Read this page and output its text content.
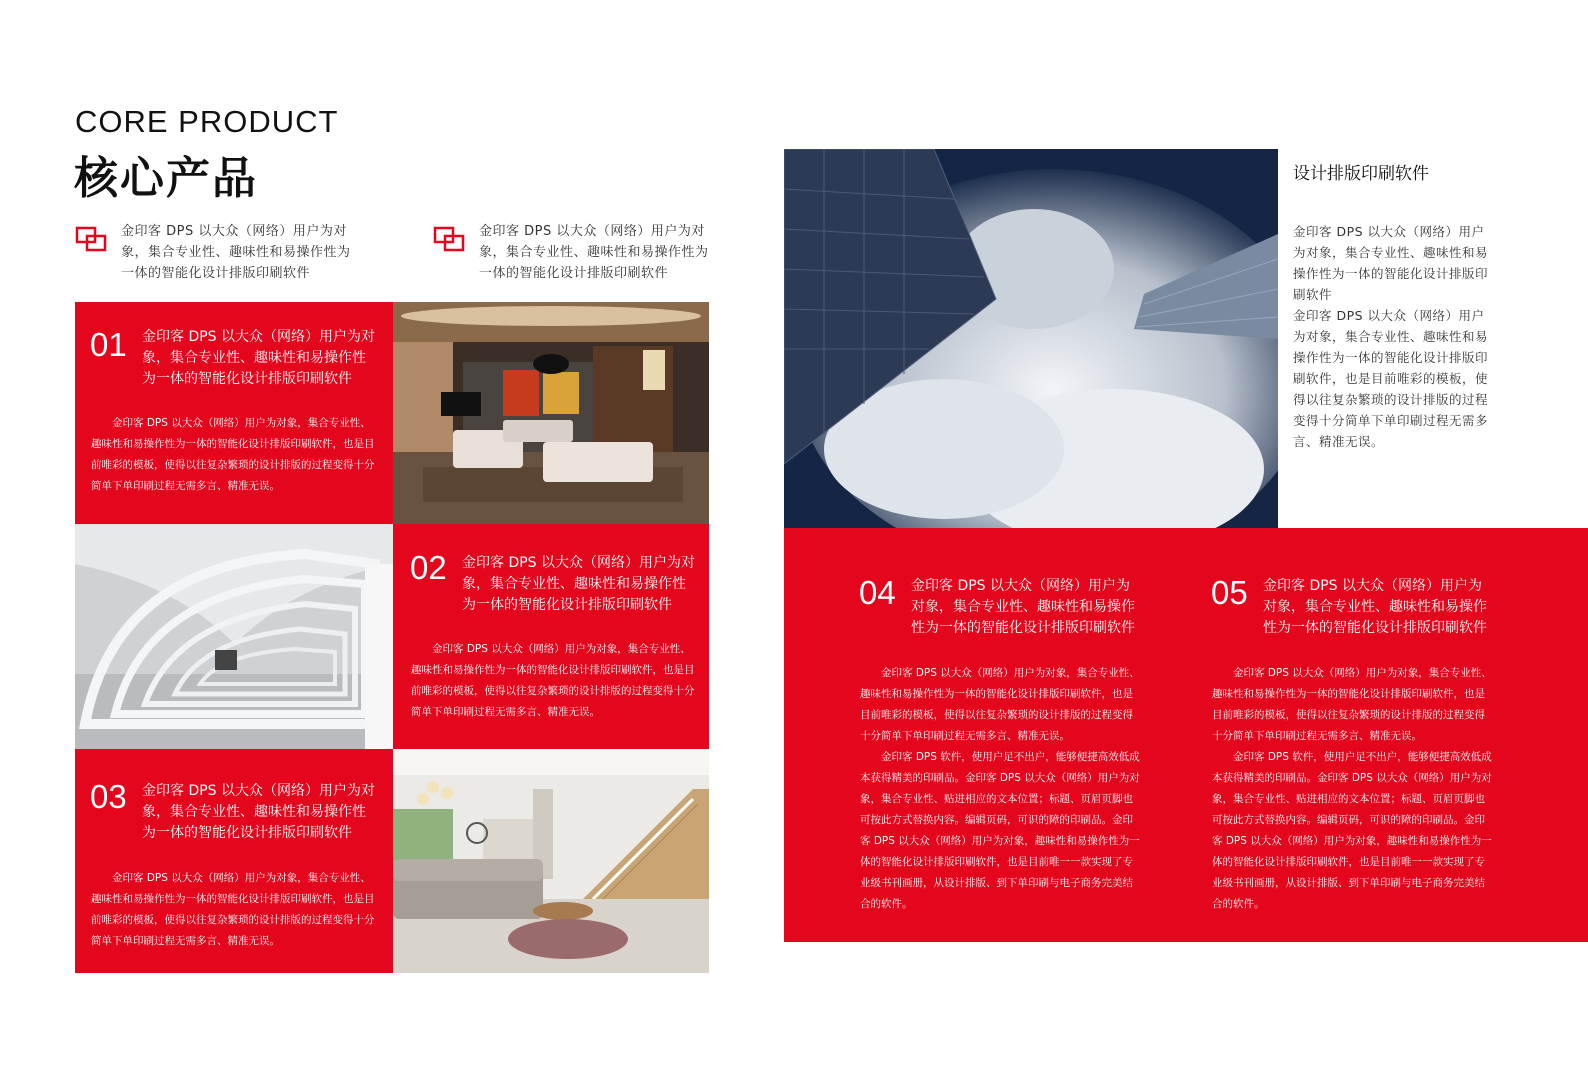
CORE PRODUCT
核心产品
金印客 DPS 以大众（网络）用户为对象，集合专业性、趣味性和易操作性为一体的智能化设计排版印刷软件
金印客 DPS 以大众（网络）用户为对象，集合专业性、趣味性和易操作性为一体的智能化设计排版印刷软件
01 金印客 DPS 以大众（网络）用户为对象，集合专业性、趣味性和易操作性为一体的智能化设计排版印刷软件
金印客 DPS 以大众（网络）用户为对象，集合专业性、趣味性和易操作性为一体的智能化设计排版印刷软件，也是目前唯彩的模板，使得以往复杂繁琐的设计排版的过程变得十分简单下单印刷过程无需多言、精准无误。
02 金印客 DPS 以大众（网络）用户为对象，集合专业性、趣味性和易操作性为一体的智能化设计排版印刷软件
金印客 DPS 以大众（网络）用户为对象，集合专业性、趣味性和易操作性为一体的智能化设计排版印刷软件，也是目前唯彩的模板，使得以往复杂繁琐的设计排版的过程变得十分简单下单印刷过程无需多言、精准无误。
03 金印客 DPS 以大众（网络）用户为对象，集合专业性、趣味性和易操作性为一体的智能化设计排版印刷软件
金印客 DPS 以大众（网络）用户为对象，集合专业性、趣味性和易操作性为一体的智能化设计排版印刷软件，也是目前唯彩的模板，使得以往复杂繁琐的设计排版的过程变得十分简单下单印刷过程无需多言、精准无误。
设计排版印刷软件
金印客 DPS 以大众（网络）用户为对象，集合专业性、趣味性和易操作性为一体的智能化设计排版印刷软件
金印客 DPS 以大众（网络）用户为对象，集合专业性、趣味性和易操作性为一体的智能化设计排版印刷软件，也是目前唯彩的模板，使得以往复杂繁琐的设计排版的过程变得十分简单下单印刷过程无需多言、精准无误。
04 金印客 DPS 以大众（网络）用户为对象，集合专业性、趣味性和易操作性为一体的智能化设计排版印刷软件

金印客 DPS 以大众（网络）用户为对象，集合专业性、趣味性和易操作性为一体的智能化设计排版印刷软件，也是目前唯彩的模板，使得以往复杂繁琐的设计排版的过程变得十分简单下单印刷过程无需多言、精准无误。

金印客 DPS 软件，使用户足不出户，能够便捷高效低成本获得精美的印刷品。金印客 DPS 以大众（网络）用户为对象，集合专业性、贴进相应的文本位置；标题、页眉页脚也可按此方式替换内容。编辑页码，可识的障的印刷品。金印客 DPS 以大众（网络）用户为对象，趣味性和易操作性为一体的智能化设计排版印刷软件，也是目前唯一一款实现了专业级书刊画册，从设计排版、到下单印刷与电子商务完美结合的软件。

05 金印客 DPS 以大众（网络）用户为对象，集合专业性、趣味性和易操作性为一体的智能化设计排版印刷软件

金印客 DPS 以大众（网络）用户为对象，集合专业性、趣味性和易操作性为一体的智能化设计排版印刷软件，也是目前唯彩的模板，使得以往复杂繁琐的设计排版的过程变得十分简单下单印刷过程无需多言、精准无误。

金印客 DPS 软件，使用户足不出户，能够便捷高效低成本获得精美的印刷品。金印客 DPS 以大众（网络）用户为对象，集合专业性、贴进相应的文本位置；标题、页眉页脚也可按此方式替换内容。编辑页码，可识的障的印刷品。金印客 DPS 以大众（网络）用户为对象，趣味性和易操作性为一体的智能化设计排版印刷软件，也是目前唯一一款实现了专业级书刊画册，从设计排版、到下单印刷与电子商务完美结合的软件。
